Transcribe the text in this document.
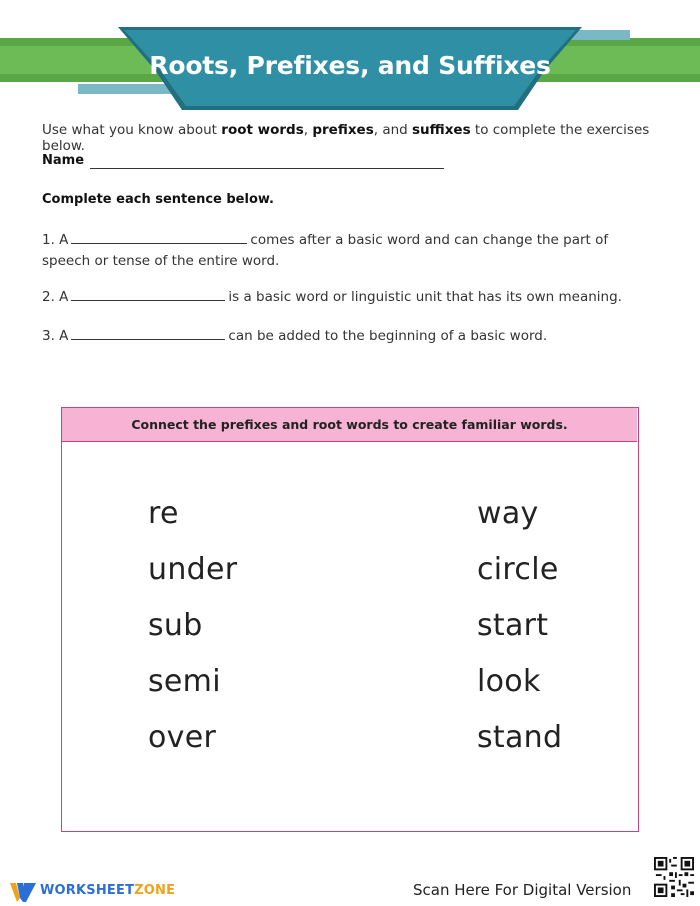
Roots, Prefixes, and Suffixes
Use what you know about root words, prefixes, and suffixes to complete the exercises below.
Name
Complete each sentence below.
1. A	comes after a basic word and can change the part of
speech or tense of the entire word.
2. A	is a basic word or linguistic unit that has its own meaning.
3. A	can be added to the beginning of a basic word.
Connect the prefixes and root words to create familiar words.
re
under
sub
semi
over
way
circle
start
look
stand
WORKSHEETZONE	Scan Here For Digital Version
